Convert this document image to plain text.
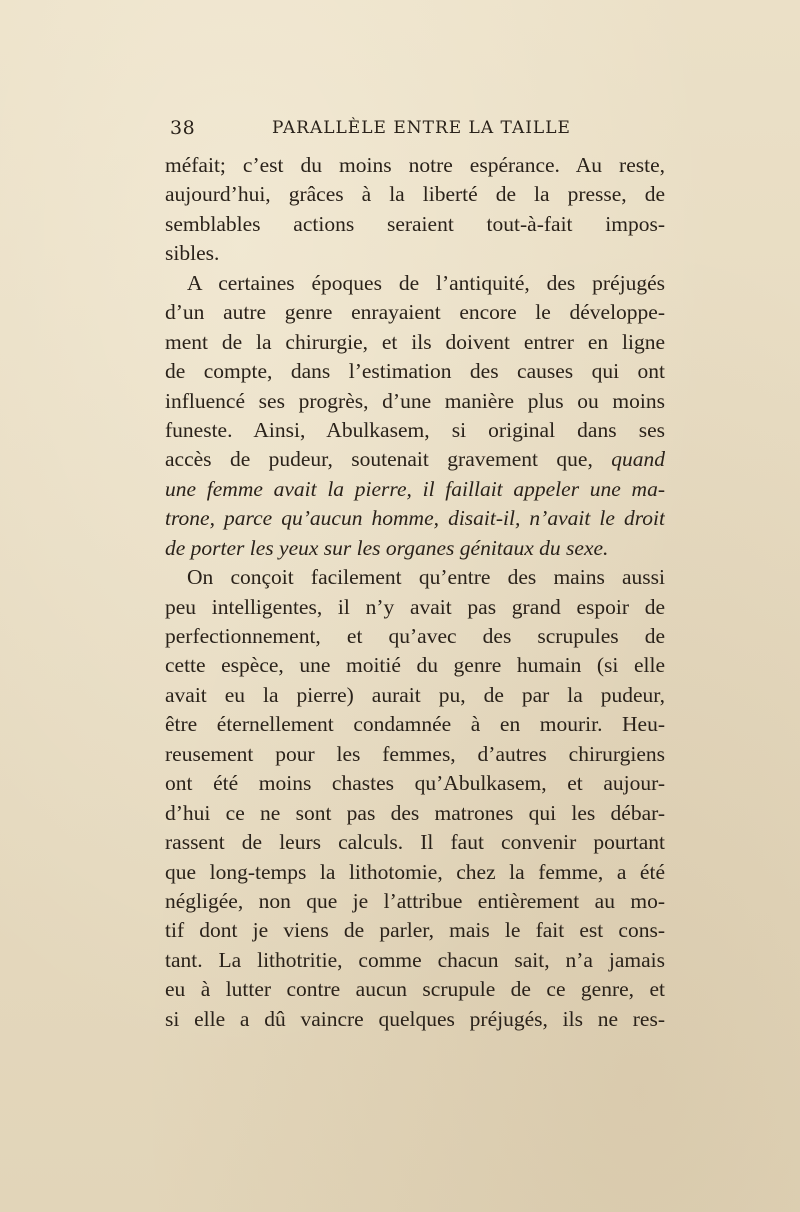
38	PARALLÈLE ENTRE LA TAILLE
méfait; c’est du moins notre espérance. Au reste,
aujourd’hui, grâces à la liberté de la presse, de
semblables actions seraient tout-à-fait impos-
sibles.
A certaines époques de l’antiquité, des préjugés
d’un autre genre enrayaient encore le développe-
ment de la chirurgie, et ils doivent entrer en ligne
de compte, dans l’estimation des causes qui ont
influencé ses progrès, d’une manière plus ou moins
funeste. Ainsi, Abulkasem, si original dans ses
accès de pudeur, soutenait gravement que, quand
une femme avait la pierre, il faillait appeler une ma-
trone, parce qu’aucun homme, disait-il, n’avait le droit
de porter les yeux sur les organes génitaux du sexe.
On conçoit facilement qu’entre des mains aussi
peu intelligentes, il n’y avait pas grand espoir de
perfectionnement, et qu’avec des scrupules de
cette espèce, une moitié du genre humain (si elle
avait eu la pierre) aurait pu, de par la pudeur,
être éternellement condamnée à en mourir. Heu-
reusement pour les femmes, d’autres chirurgiens
ont été moins chastes qu’Abulkasem, et aujour-
d’hui ce ne sont pas des matrones qui les débar-
rassent de leurs calculs. Il faut convenir pourtant
que long-temps la lithotomie, chez la femme, a été
négligée, non que je l’attribue entièrement au mo-
tif dont je viens de parler, mais le fait est cons-
tant. La lithotritie, comme chacun sait, n’a jamais
eu à lutter contre aucun scrupule de ce genre, et
si elle a dû vaincre quelques préjugés, ils ne res-
